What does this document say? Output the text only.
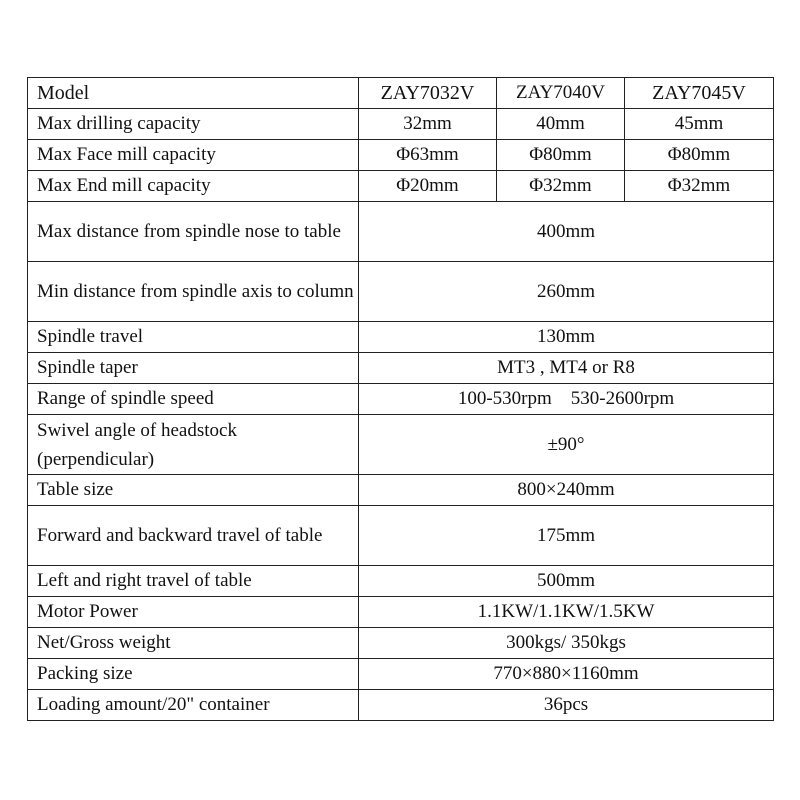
Model	ZAY7032V	ZAY7040V	ZAY7045V
Max drilling capacity	32mm	40mm	45mm
Max Face mill capacity	Φ63mm	Φ80mm	Φ80mm
Max End mill capacity	Φ20mm	Φ32mm	Φ32mm
Max distance from spindle nose to table	400mm		
Min distance from spindle axis to column	260mm		
Spindle travel	130mm		
Spindle taper	MT3 , MT4 or R8		
Range of spindle speed	100-530rpm    530-2600rpm		
Swivel angle of headstock (perpendicular)	±90°		
Table size	800×240mm		
Forward and backward travel of table	175mm		
Left and right travel of table	500mm		
Motor Power	1.1KW/1.1KW/1.5KW		
Net/Gross weight	300kgs/ 350kgs		
Packing size	770×880×1160mm		
Loading amount/20" container	36pcs		
